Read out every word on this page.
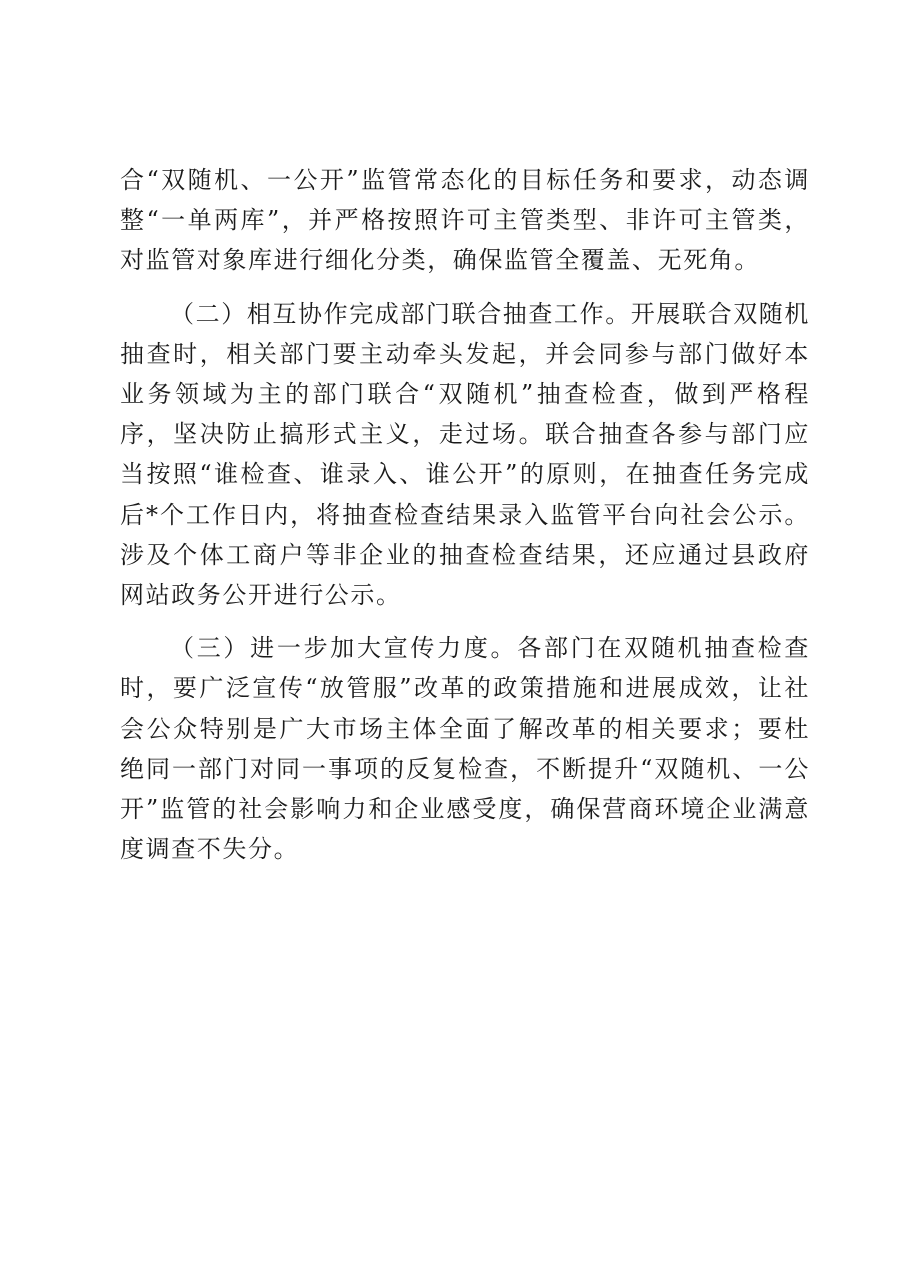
合“双随机、一公开”监管常态化的目标任务和要求，动态调整“一单两库”，并严格按照许可主管类型、非许可主管类，对监管对象库进行细化分类，确保监管全覆盖、无死角。

（二）相互协作完成部门联合抽查工作。开展联合双随机抽查时，相关部门要主动牵头发起，并会同参与部门做好本业务领域为主的部门联合“双随机”抽查检查，做到严格程序，坚决防止搞形式主义，走过场。联合抽查各参与部门应当按照“谁检查、谁录入、谁公开”的原则，在抽查任务完成后*个工作日内，将抽查检查结果录入监管平台向社会公示。涉及个体工商户等非企业的抽查检查结果，还应通过县政府网站政务公开进行公示。

（三）进一步加大宣传力度。各部门在双随机抽查检查时，要广泛宣传“放管服”改革的政策措施和进展成效，让社会公众特别是广大市场主体全面了解改革的相关要求；要杜绝同一部门对同一事项的反复检查，不断提升“双随机、一公开”监管的社会影响力和企业感受度，确保营商环境企业满意度调查不失分。
